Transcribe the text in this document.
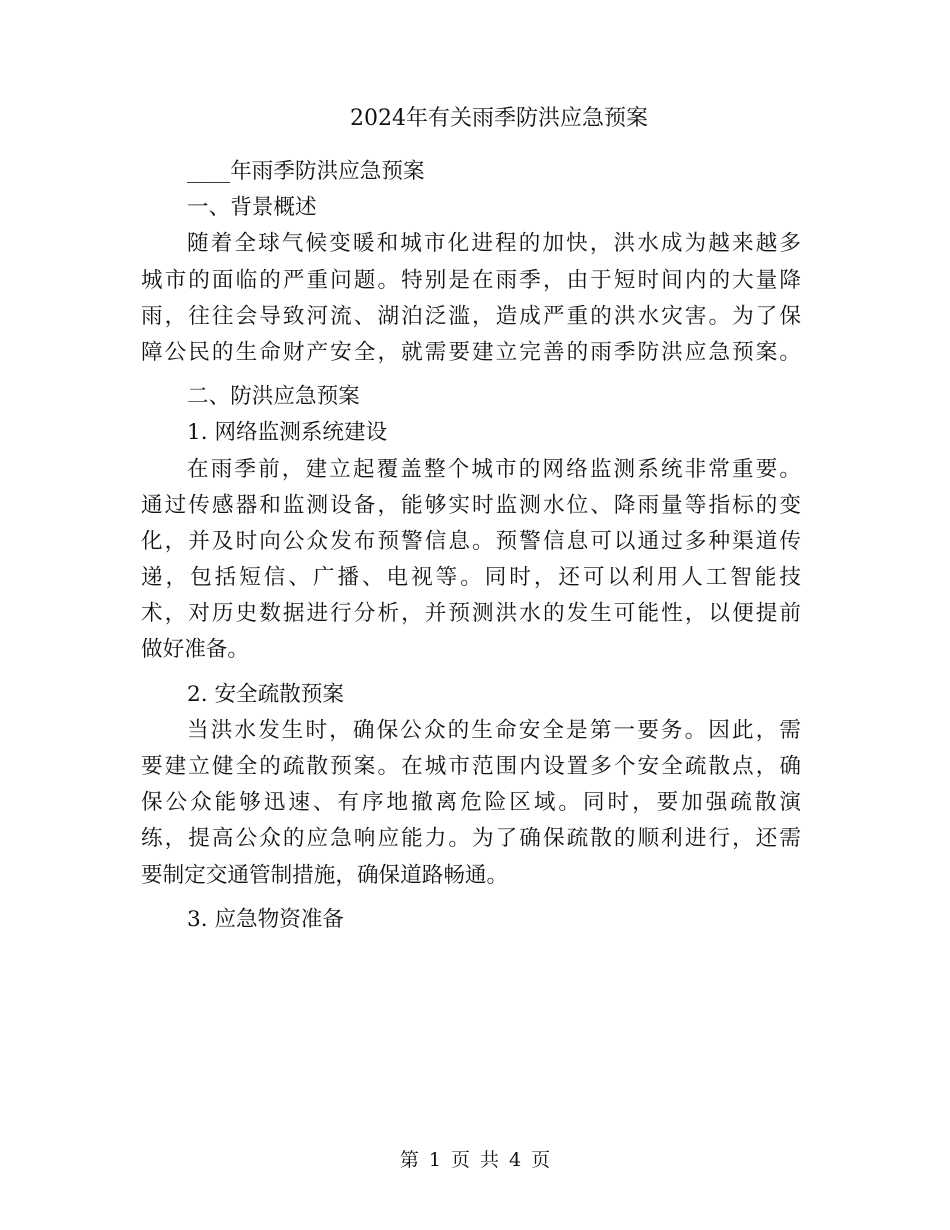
2024年有关雨季防洪应急预案
____年雨季防洪应急预案
一、背景概述
随着全球气候变暖和城市化进程的加快，洪水成为越来越多
城市的面临的严重问题。特别是在雨季，由于短时间内的大量降
雨，往往会导致河流、湖泊泛滥，造成严重的洪水灾害。为了保
障公民的生命财产安全，就需要建立完善的雨季防洪应急预案。
二、防洪应急预案
1. 网络监测系统建设
在雨季前，建立起覆盖整个城市的网络监测系统非常重要。
通过传感器和监测设备，能够实时监测水位、降雨量等指标的变
化，并及时向公众发布预警信息。预警信息可以通过多种渠道传
递，包括短信、广播、电视等。同时，还可以利用人工智能技
术，对历史数据进行分析，并预测洪水的发生可能性，以便提前
做好准备。
2. 安全疏散预案
当洪水发生时，确保公众的生命安全是第一要务。因此，需
要建立健全的疏散预案。在城市范围内设置多个安全疏散点，确
保公众能够迅速、有序地撤离危险区域。同时，要加强疏散演
练，提高公众的应急响应能力。为了确保疏散的顺利进行，还需
要制定交通管制措施，确保道路畅通。
3. 应急物资准备
第 1 页 共 4 页
